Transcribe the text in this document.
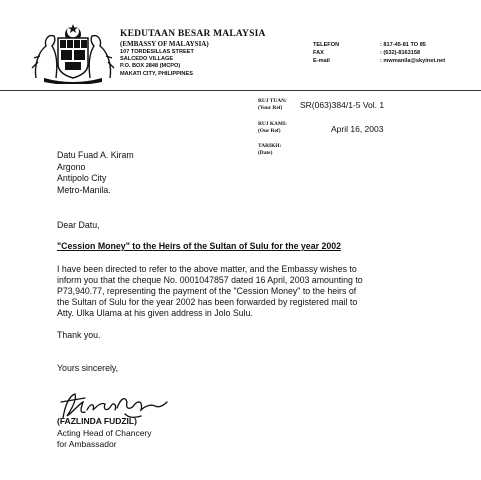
KEDUTAAN BESAR MALAYSIA
(EMBASSY OF MALAYSIA)
107 TORDESILLAS STREET
SALCEDO VILLAGE
P.O. BOX 2848 (MCPO)
MAKATI CITY, PHILIPPINES
TELEFON
FAX
E-mail
: 817-45-81 TO 85
: (632)-8163158
: mwmanila@skyinet.net
RUJ TUAN:
(Your Ref)	SR(063)384/1-5 Vol. 1
RUJ KAMI:
(Our Ref)	April 16, 2003
TARIKH:
(Date)
Datu Fuad A. Kiram
Argono
Antipolo City
Metro-Manila.
Dear Datu,
"Cession Money" to the Heirs of the Sultan of Sulu for the year 2002
I have been directed to refer to the above matter, and the Embassy wishes to
inform you that the cheque No. 0001047857 dated 16 April, 2003 amounting to
P73,940.77, representing the payment of the "Cession Money" to the heirs of
the Sultan of Sulu for the year 2002 has been forwarded by registered mail to
Atty. Ulka Ulama at his given address in Jolo Sulu.
Thank you.
Yours sincerely,
(FAZLINDA FUDZIL)
Acting Head of Chancery
for Ambassador
